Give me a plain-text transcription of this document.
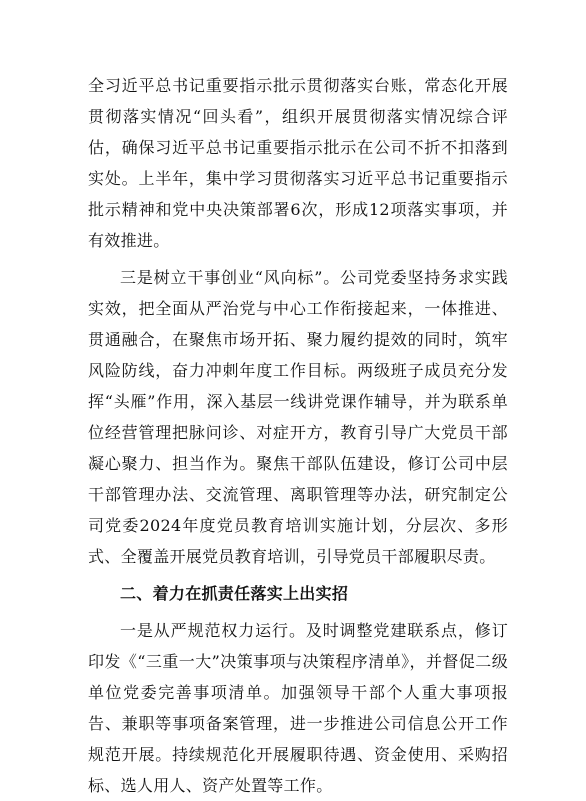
全习近平总书记重要指示批示贯彻落实台账，常态化开展贯彻落实情况“回头看”，组织开展贯彻落实情况综合评估，确保习近平总书记重要指示批示在公司不折不扣落到实处。上半年，集中学习贯彻落实习近平总书记重要指示批示精神和党中央决策部署6次，形成12项落实事项，并有效推进。

三是树立干事创业“风向标”。公司党委坚持务求实践实效，把全面从严治党与中心工作衔接起来，一体推进、贯通融合，在聚焦市场开拓、聚力履约提效的同时，筑牢风险防线，奋力冲刺年度工作目标。两级班子成员充分发挥“头雁”作用，深入基层一线讲党课作辅导，并为联系单位经营管理把脉问诊、对症开方，教育引导广大党员干部凝心聚力、担当作为。聚焦干部队伍建设，修订公司中层干部管理办法、交流管理、离职管理等办法，研究制定公司党委2024年度党员教育培训实施计划，分层次、多形式、全覆盖开展党员教育培训，引导党员干部履职尽责。

二、着力在抓责任落实上出实招

一是从严规范权力运行。及时调整党建联系点，修订印发《“三重一大”决策事项与决策程序清单》，并督促二级单位党委完善事项清单。加强领导干部个人重大事项报告、兼职等事项备案管理，进一步推进公司信息公开工作规范开展。持续规范化开展履职待遇、资金使用、采购招标、选人用人、资产处置等工作。
